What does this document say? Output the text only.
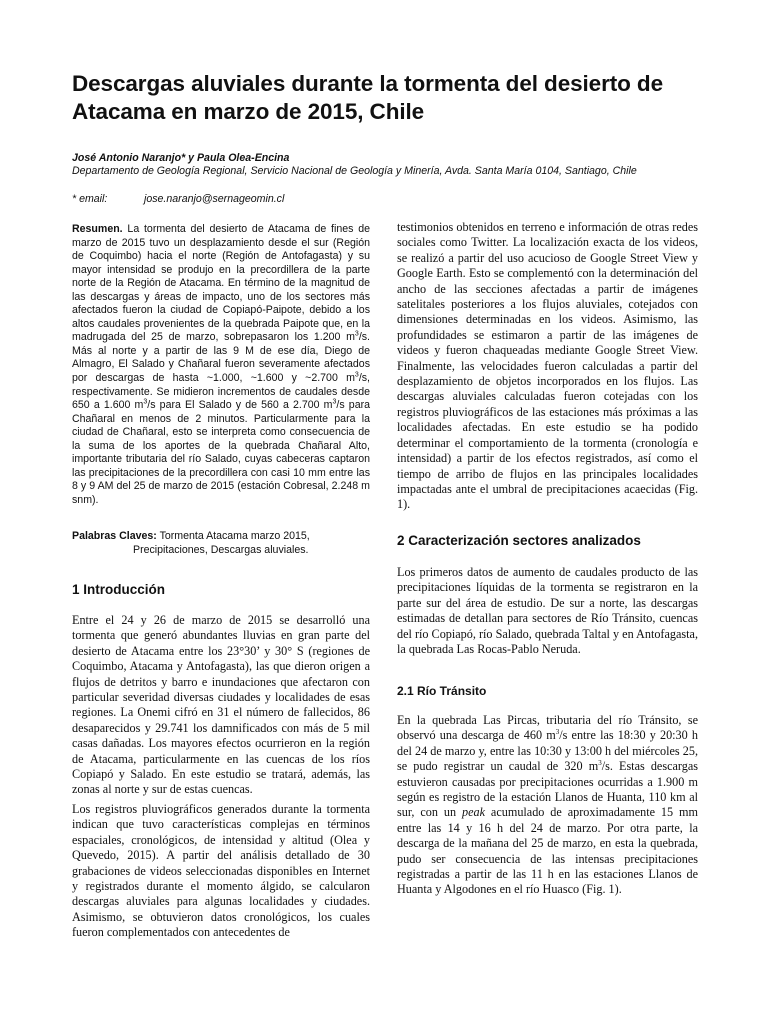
Descargas aluviales durante la tormenta del desierto de Atacama en marzo de 2015, Chile
José Antonio Naranjo* y Paula Olea-Encina
Departamento de Geología Regional, Servicio Nacional de Geología y Minería, Avda. Santa María 0104, Santiago, Chile
* email:	jose.naranjo@sernageomin.cl
Resumen. La tormenta del desierto de Atacama de fines de marzo de 2015 tuvo un desplazamiento desde el sur (Región de Coquimbo) hacia el norte (Región de Antofagasta) y su mayor intensidad se produjo en la precordillera de la parte norte de la Región de Atacama. En término de la magnitud de las descargas y áreas de impacto, uno de los sectores más afectados fueron la ciudad de Copiapó-Paipote, debido a los altos caudales provenientes de la quebrada Paipote que, en la madrugada del 25 de marzo, sobrepasaron los 1.200 $m^3/s$. Más al norte y a partir de las 9 M de ese día, Diego de Almagro, El Salado y Chañaral fueron severamente afectados por descargas de hasta ~1.000, ~1.600 y ~2.700 $m^3/s$, respectivamente. Se midieron incrementos de caudales desde 650 a 1.600 $m^3/s$ para El Salado y de 560 a 2.700 $m^3/s$ para Chañaral en menos de 2 minutos. Particularmente para la ciudad de Chañaral, esto se interpreta como consecuencia de la suma de los aportes de la quebrada Chañaral Alto, importante tributaria del río Salado, cuyas cabeceras captaron las precipitaciones de la precordillera con casi 10 mm entre las 8 y 9 AM del 25 de marzo de 2015 (estación Cobresal, 2.248 m snm).
Palabras Claves: Tormenta Atacama marzo 2015,
Precipitaciones, Descargas aluviales.
1 Introducción
Entre el 24 y 26 de marzo de 2015 se desarrolló una tormenta que generó abundantes lluvias en gran parte del desierto de Atacama entre los 23°30’ y 30° S (regiones de Coquimbo, Atacama y Antofagasta), las que dieron origen a flujos de detritos y barro e inundaciones que afectaron con particular severidad diversas ciudades y localidades de esas regiones. La Onemi cifró en 31 el número de fallecidos, 86 desaparecidos y 29.741 los damnificados con más de 5 mil casas dañadas. Los mayores efectos ocurrieron en la región de Atacama, particularmente en las cuencas de los ríos Copiapó y Salado. En este estudio se tratará, además, las zonas al norte y sur de estas cuencas.
Los registros pluviográficos generados durante la tormenta indican que tuvo características complejas en términos espaciales, cronológicos, de intensidad y altitud (Olea y Quevedo, 2015). A partir del análisis detallado de 30 grabaciones de videos seleccionadas disponibles en Internet y registrados durante el momento álgido, se calcularon descargas aluviales para algunas localidades y ciudades. Asimismo, se obtuvieron datos cronológicos, los cuales fueron complementados con antecedentes de
testimonios obtenidos en terreno e información de otras redes sociales como Twitter. La localización exacta de los videos, se realizó a partir del uso acucioso de Google Street View y Google Earth. Esto se complementó con la determinación del ancho de las secciones afectadas a partir de imágenes satelitales posteriores a los flujos aluviales, cotejados con dimensiones determinadas en los videos. Asimismo, las profundidades se estimaron a partir de las imágenes de videos y fueron chaqueadas mediante Google Street View. Finalmente, las velocidades fueron calculadas a partir del desplazamiento de objetos incorporados en los flujos. Las descargas aluviales calculadas fueron cotejadas con los registros pluviográficos de las estaciones más próximas a las localidades afectadas. En este estudio se ha podido determinar el comportamiento de la tormenta (cronología e intensidad) a partir de los efectos registrados, así como el tiempo de arribo de flujos en las principales localidades impactadas ante el umbral de precipitaciones acaecidas (Fig. 1).
2 Caracterización sectores analizados
Los primeros datos de aumento de caudales producto de las precipitaciones líquidas de la tormenta se registraron en la parte sur del área de estudio. De sur a norte, las descargas estimadas de detallan para sectores de Río Tránsito, cuencas del río Copiapó, río Salado, quebrada Taltal y en Antofagasta, la quebrada Las Rocas-Pablo Neruda.
2.1 Río Tránsito
En la quebrada Las Pircas, tributaria del río Tránsito, se observó una descarga de 460 $m^3/s$ entre las 18:30 y 20:30 h del 24 de marzo y, entre las 10:30 y 13:00 h del miércoles 25, se pudo registrar un caudal de 320 $m^3/s$. Estas descargas estuvieron causadas por precipitaciones ocurridas a 1.900 m según es registro de la estación Llanos de Huanta, 110 km al sur, con un peak acumulado de aproximadamente 15 mm entre las 14 y 16 h del 24 de marzo. Por otra parte, la descarga de la mañana del 25 de marzo, en esta la quebrada, pudo ser consecuencia de las intensas precipitaciones registradas a partir de las 11 h en las estaciones Llanos de Huanta y Algodones en el río Huasco (Fig. 1).
